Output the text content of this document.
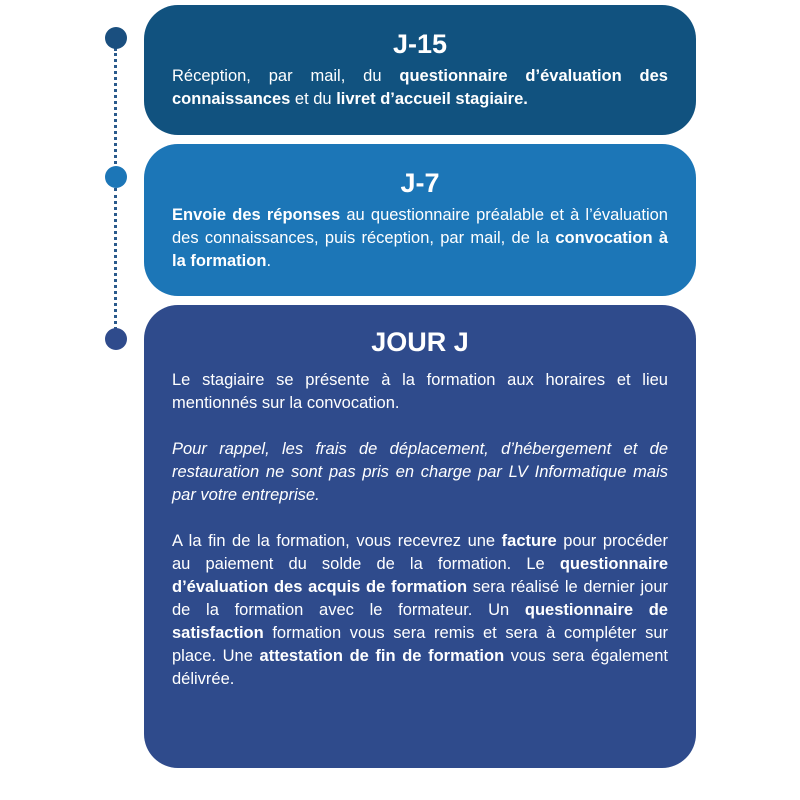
J-15

Réception, par mail, du questionnaire d’évaluation des connaissances et du livret d’accueil stagiaire.

J-7

Envoie des réponses au questionnaire préalable et à l’évaluation des connaissances, puis réception, par mail, de la convocation à la formation.

JOUR J

Le stagiaire se présente à la formation aux horaires et lieu mentionnés sur la convocation.

Pour rappel, les frais de déplacement, d’hébergement et de restauration ne sont pas pris en charge par LV Informatique mais par votre entreprise.

A la fin de la formation, vous recevrez une facture pour procéder au paiement du solde de la formation. Le questionnaire d’évaluation des acquis de formation sera réalisé le dernier jour de la formation avec le formateur. Un questionnaire de satisfaction formation vous sera remis et sera à compléter sur place. Une attestation de fin de formation vous sera également délivrée.
